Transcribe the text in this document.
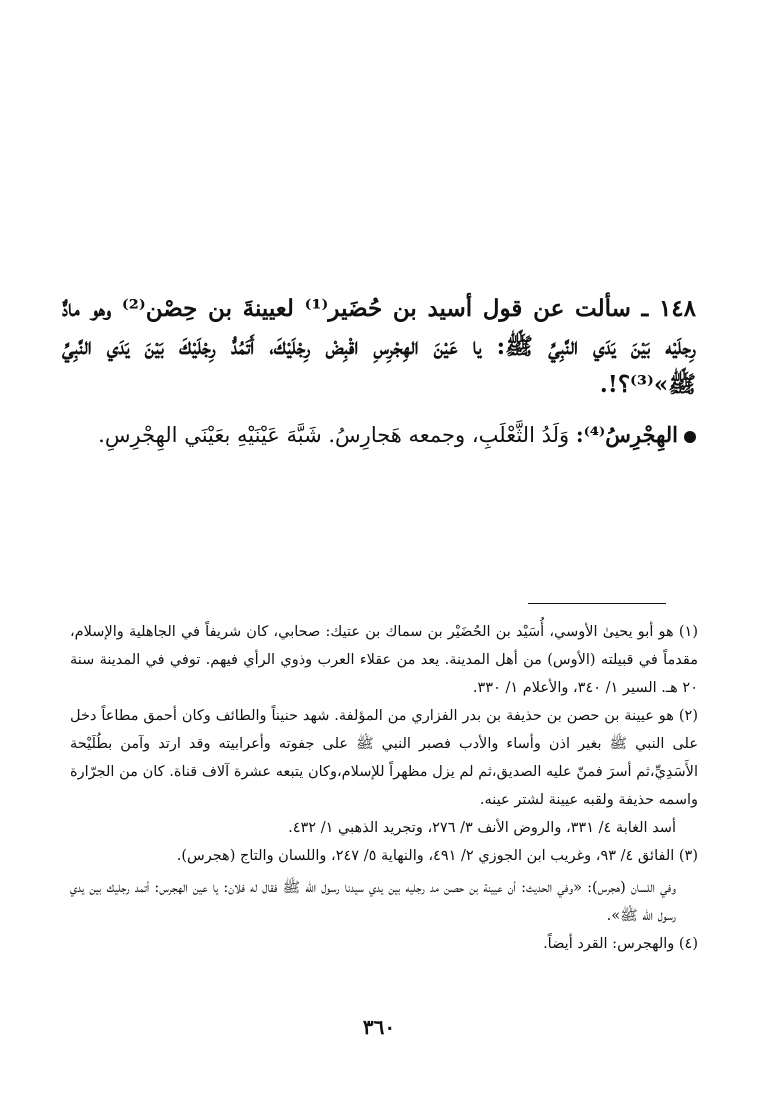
١٤٨ ـ سألت عن قول أسيد بن حُضَير⁽¹⁾ لعيينةَ بن حِصْن⁽²⁾ وهو مادٌّ رِجلَيْه بَيْنَ يَدَي النَّبِيِّ ﷺ: يا عَيْنَ الهِجْرِسِ اقْبِضْ رِجْلَيْكَ، أَتَمُدُّ رِجْلَيْكَ بَيْنَ يَدَي النَّبِيِّ ﷺ»⁽³⁾؟!.

الهِجْرِسُ⁽⁴⁾: وَلَدُ الثَّعْلَبِ، وجمعه هَجارِسُ. شَبَّهَ عَيْنَيْهِ بعَيْنَي الهِجْرِسِ.

(١) هو أبو يحيىٰ الأوسي، أُسَيْد بن الحُضَيْر بن سماك بن عتيك: صحابي، كان شريفاً في الجاهلية والإسلام، مقدماً في قبيلته (الأوس) من أهل المدينة. يعد من عقلاء العرب وذوي الرأي فيهم. توفي في المدينة سنة ٢٠ هـ. السير ١/ ٣٤٠، والأعلام ١/ ٣٣٠.

(٢) هو عيينة بن حصن بن حذيفة بن بدر الفزاري من المؤلفة. شهد حنيناً والطائف وكان أحمق مطاعاً دخل على النبي ﷺ بغير اذن وأساء والأدب فصبر النبي ﷺ على جفوته وأعرابيته وقد ارتد وآمن بطُلَيْحة الأَسَدِيِّ،ثم أسرَ فمنّ عليه الصديق،ثم لم يزل مظهراً للإسلام،وكان يتبعه عشرة آلاف قناة. كان من الجرّارة واسمه حذيفة ولقبه عيينة لشتر عينه.

أسد الغابة ٤/ ٣٣١، والروض الأنف ٣/ ٢٧٦، وتجريد الذهبي ١/ ٤٣٢.

(٣) الفائق ٤/ ٩٣، وغريب ابن الجوزي ٢/ ٤٩١، والنهاية ٥/ ٢٤٧، واللسان والتاج (هجرس).

وفي اللسان (هجرس): «وفي الحديث: أن عيينة بن حصن مد رجليه بين يدي سيدنا رسول الله ﷺ فقال له فلان: يا عين الهجرس: أتمد رجليك بين يدي رسول الله ﷺ».

(٤) والهجرس: القرد أيضاً.

٣٦٠
